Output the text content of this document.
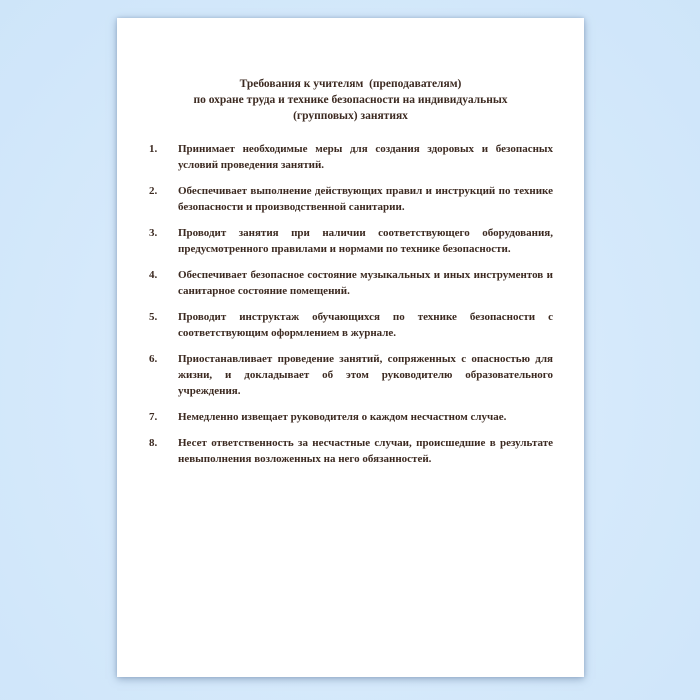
Требования к учителям  (преподавателям)
по охране труда и технике безопасности на индивидуальных
(групповых) занятиях
1. Принимает необходимые меры для создания здоровых и безопасных условий проведения занятий.
2. Обеспечивает выполнение действующих правил и инструкций по технике безопасности и производственной санитарии.
3. Проводит занятия при наличии соответствующего оборудования, предусмотренного правилами и нормами по технике безопасности.
4. Обеспечивает безопасное состояние музыкальных и иных инструментов и санитарное состояние помещений.
5. Проводит инструктаж обучающихся по технике безопасности с соответствующим оформлением в журнале.
6. Приостанавливает проведение занятий, сопряженных с опасностью для жизни, и докладывает об этом руководителю образовательного учреждения.
7. Немедленно извещает руководителя о каждом несчастном случае.
8. Несет ответственность за несчастные случаи, происшедшие в результате невыполнения возложенных на него обязанностей.
